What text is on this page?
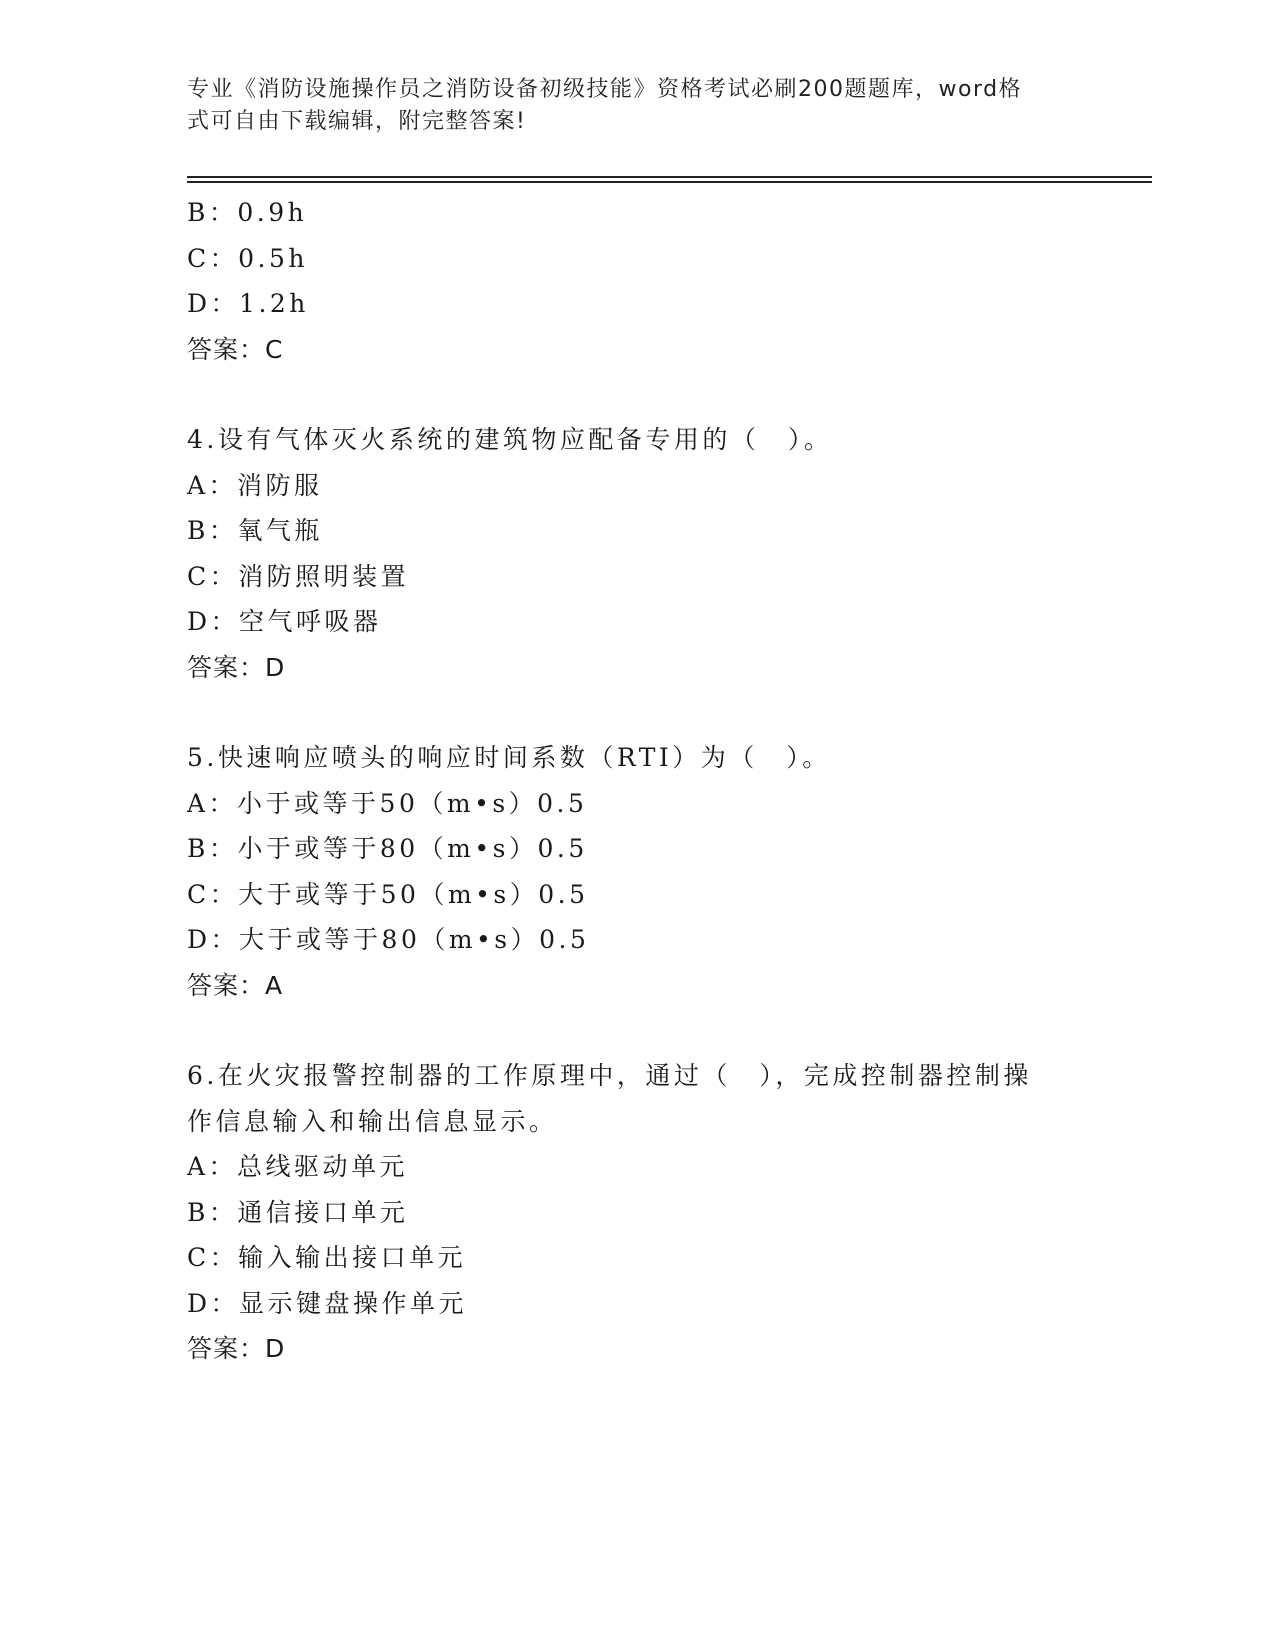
专业《消防设施操作员之消防设备初级技能》资格考试必刷200题题库，word格
式可自由下载编辑，附完整答案!
B：0.9h
C：0.5h
D：1.2h
答案：C
4.设有气体灭火系统的建筑物应配备专用的（　）。
A：消防服
B：氧气瓶
C：消防照明装置
D：空气呼吸器
答案：D
5.快速响应喷头的响应时间系数（RTI）为（　）。
A：小于或等于50（m•s）0.5
B：小于或等于80（m•s）0.5
C：大于或等于50（m•s）0.5
D：大于或等于80（m•s）0.5
答案：A
6.在火灾报警控制器的工作原理中，通过（　），完成控制器控制操
作信息输入和输出信息显示。
A：总线驱动单元
B：通信接口单元
C：输入输出接口单元
D：显示键盘操作单元
答案：D
